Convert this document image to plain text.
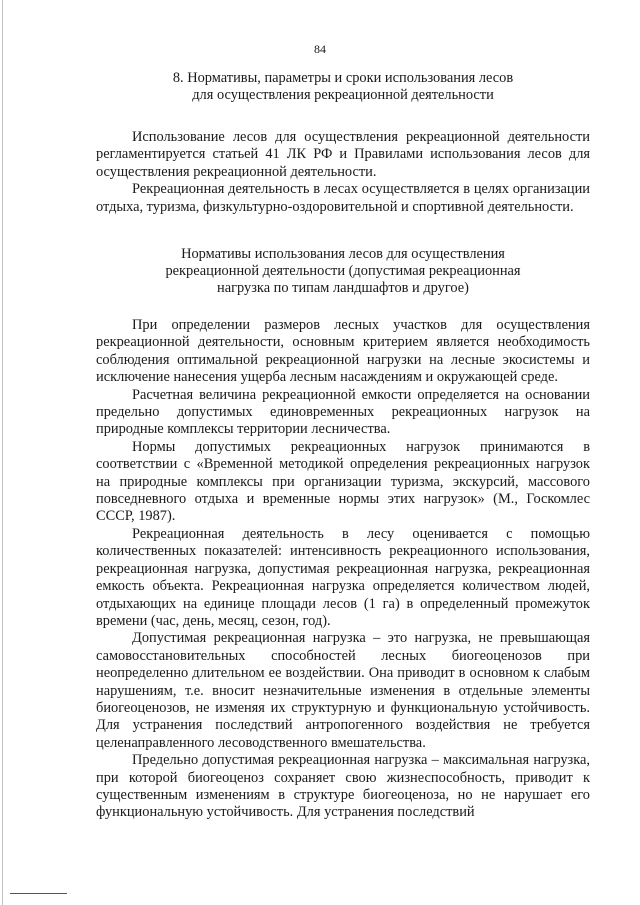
84
8. Нормативы, параметры и сроки использования лесов
для осуществления рекреационной деятельности

Использование лесов для осуществления рекреационной деятельности регламентируется статьей 41 ЛК РФ и Правилами использования лесов для осуществления рекреационной деятельности.

Рекреационная деятельность в лесах осуществляется в целях организации отдыха, туризма, физкультурно-оздоровительной и спортивной деятельности.

Нормативы использования лесов для осуществления
рекреационной деятельности (допустимая рекреационная
нагрузка по типам ландшафтов и другое)

При определении размеров лесных участков для осуществления рекреационной деятельности, основным критерием является необходимость соблюдения оптимальной рекреационной нагрузки на лесные экосистемы и исключение нанесения ущерба лесным насаждениям и окружающей среде.

Расчетная величина рекреационной емкости определяется на основании предельно допустимых единовременных рекреационных нагрузок на природные комплексы территории лесничества.

Нормы допустимых рекреационных нагрузок принимаются в соответствии с «Временной методикой определения рекреационных нагрузок на природные комплексы при организации туризма, экскурсий, массового повседневного отдыха и временные нормы этих нагрузок» (М., Госкомлес СССР, 1987).

Рекреационная деятельность в лесу оценивается с помощью количественных показателей: интенсивность рекреационного использования, рекреационная нагрузка, допустимая рекреационная нагрузка, рекреационная емкость объекта. Рекреационная нагрузка определяется количеством людей, отдыхающих на единице площади лесов (1 га) в определенный промежуток времени (час, день, месяц, сезон, год).

Допустимая рекреационная нагрузка – это нагрузка, не превышающая самовосстановительных способностей лесных биогеоценозов при неопределенно длительном ее воздействии. Она приводит в основном к слабым нарушениям, т.е. вносит незначительные изменения в отдельные элементы биогеоценозов, не изменяя их структурную и функциональную устойчивость. Для устранения последствий антропогенного воздействия не требуется целенаправленного лесоводственного вмешательства.

Предельно допустимая рекреационная нагрузка – максимальная нагрузка, при которой биогеоценоз сохраняет свою жизнеспособность, приводит к существенным изменениям в структуре биогеоценоза, но не нарушает его функциональную устойчивость. Для устранения последствий
